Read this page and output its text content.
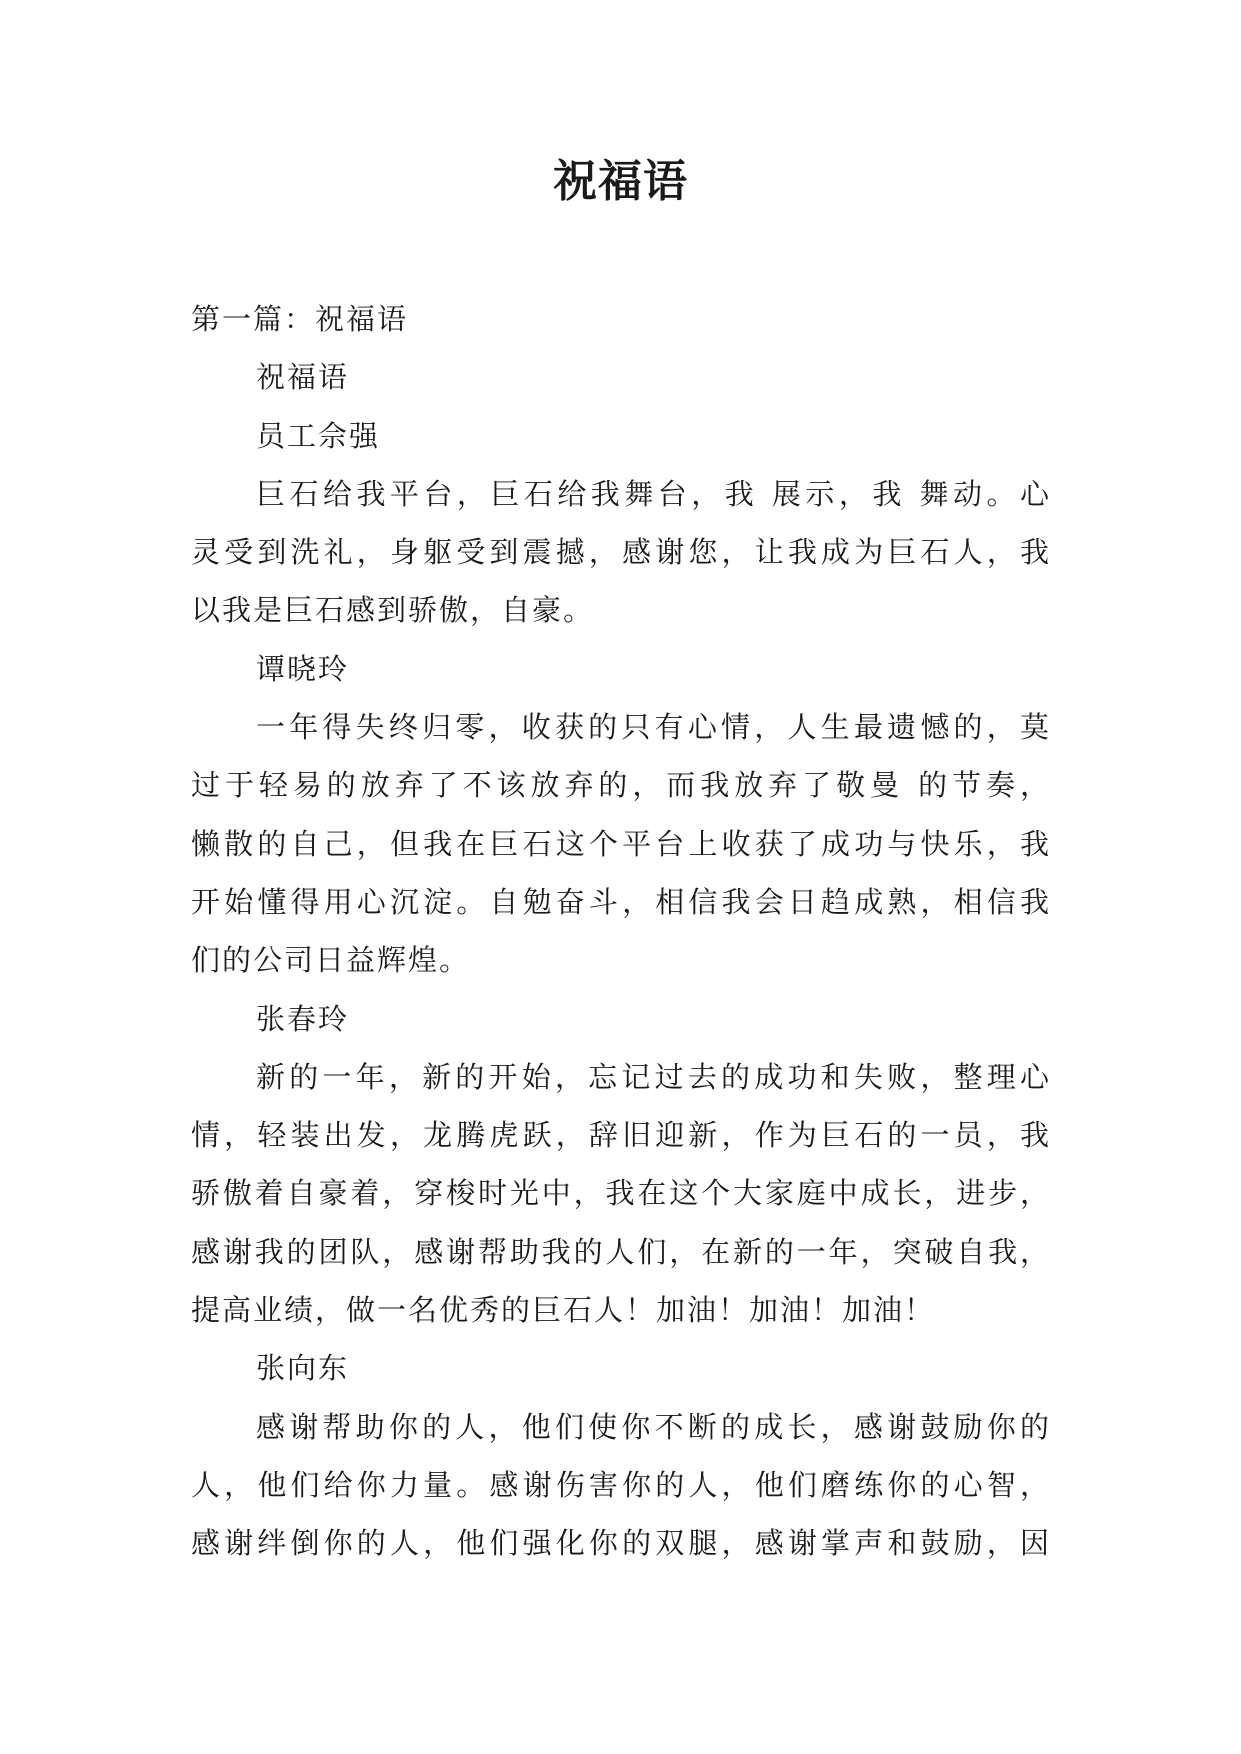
祝福语
第一篇：祝福语
祝福语
员工佘强
巨石给我平台，巨石给我舞台，我 展示，我 舞动。心
灵受到洗礼，身躯受到震撼，感谢您，让我成为巨石人，我
以我是巨石感到骄傲，自豪。
谭晓玲
一年得失终归零，收获的只有心情，人生最遗憾的，莫
过于轻易的放弃了不该放弃的，而我放弃了敬曼 的节奏，
懒散的自己，但我在巨石这个平台上收获了成功与快乐，我
开始懂得用心沉淀。自勉奋斗，相信我会日趋成熟，相信我
们的公司日益辉煌。
张春玲
新的一年，新的开始，忘记过去的成功和失败，整理心
情，轻装出发，龙腾虎跃，辞旧迎新，作为巨石的一员，我
骄傲着自豪着，穿梭时光中，我在这个大家庭中成长，进步，
感谢我的团队，感谢帮助我的人们，在新的一年，突破自我，
提高业绩，做一名优秀的巨石人！加油！加油！加油！
张向东
感谢帮助你的人，他们使你不断的成长，感谢鼓励你的
人，他们给你力量。感谢伤害你的人，他们磨练你的心智，
感谢绊倒你的人，他们强化你的双腿，感谢掌声和鼓励，因
